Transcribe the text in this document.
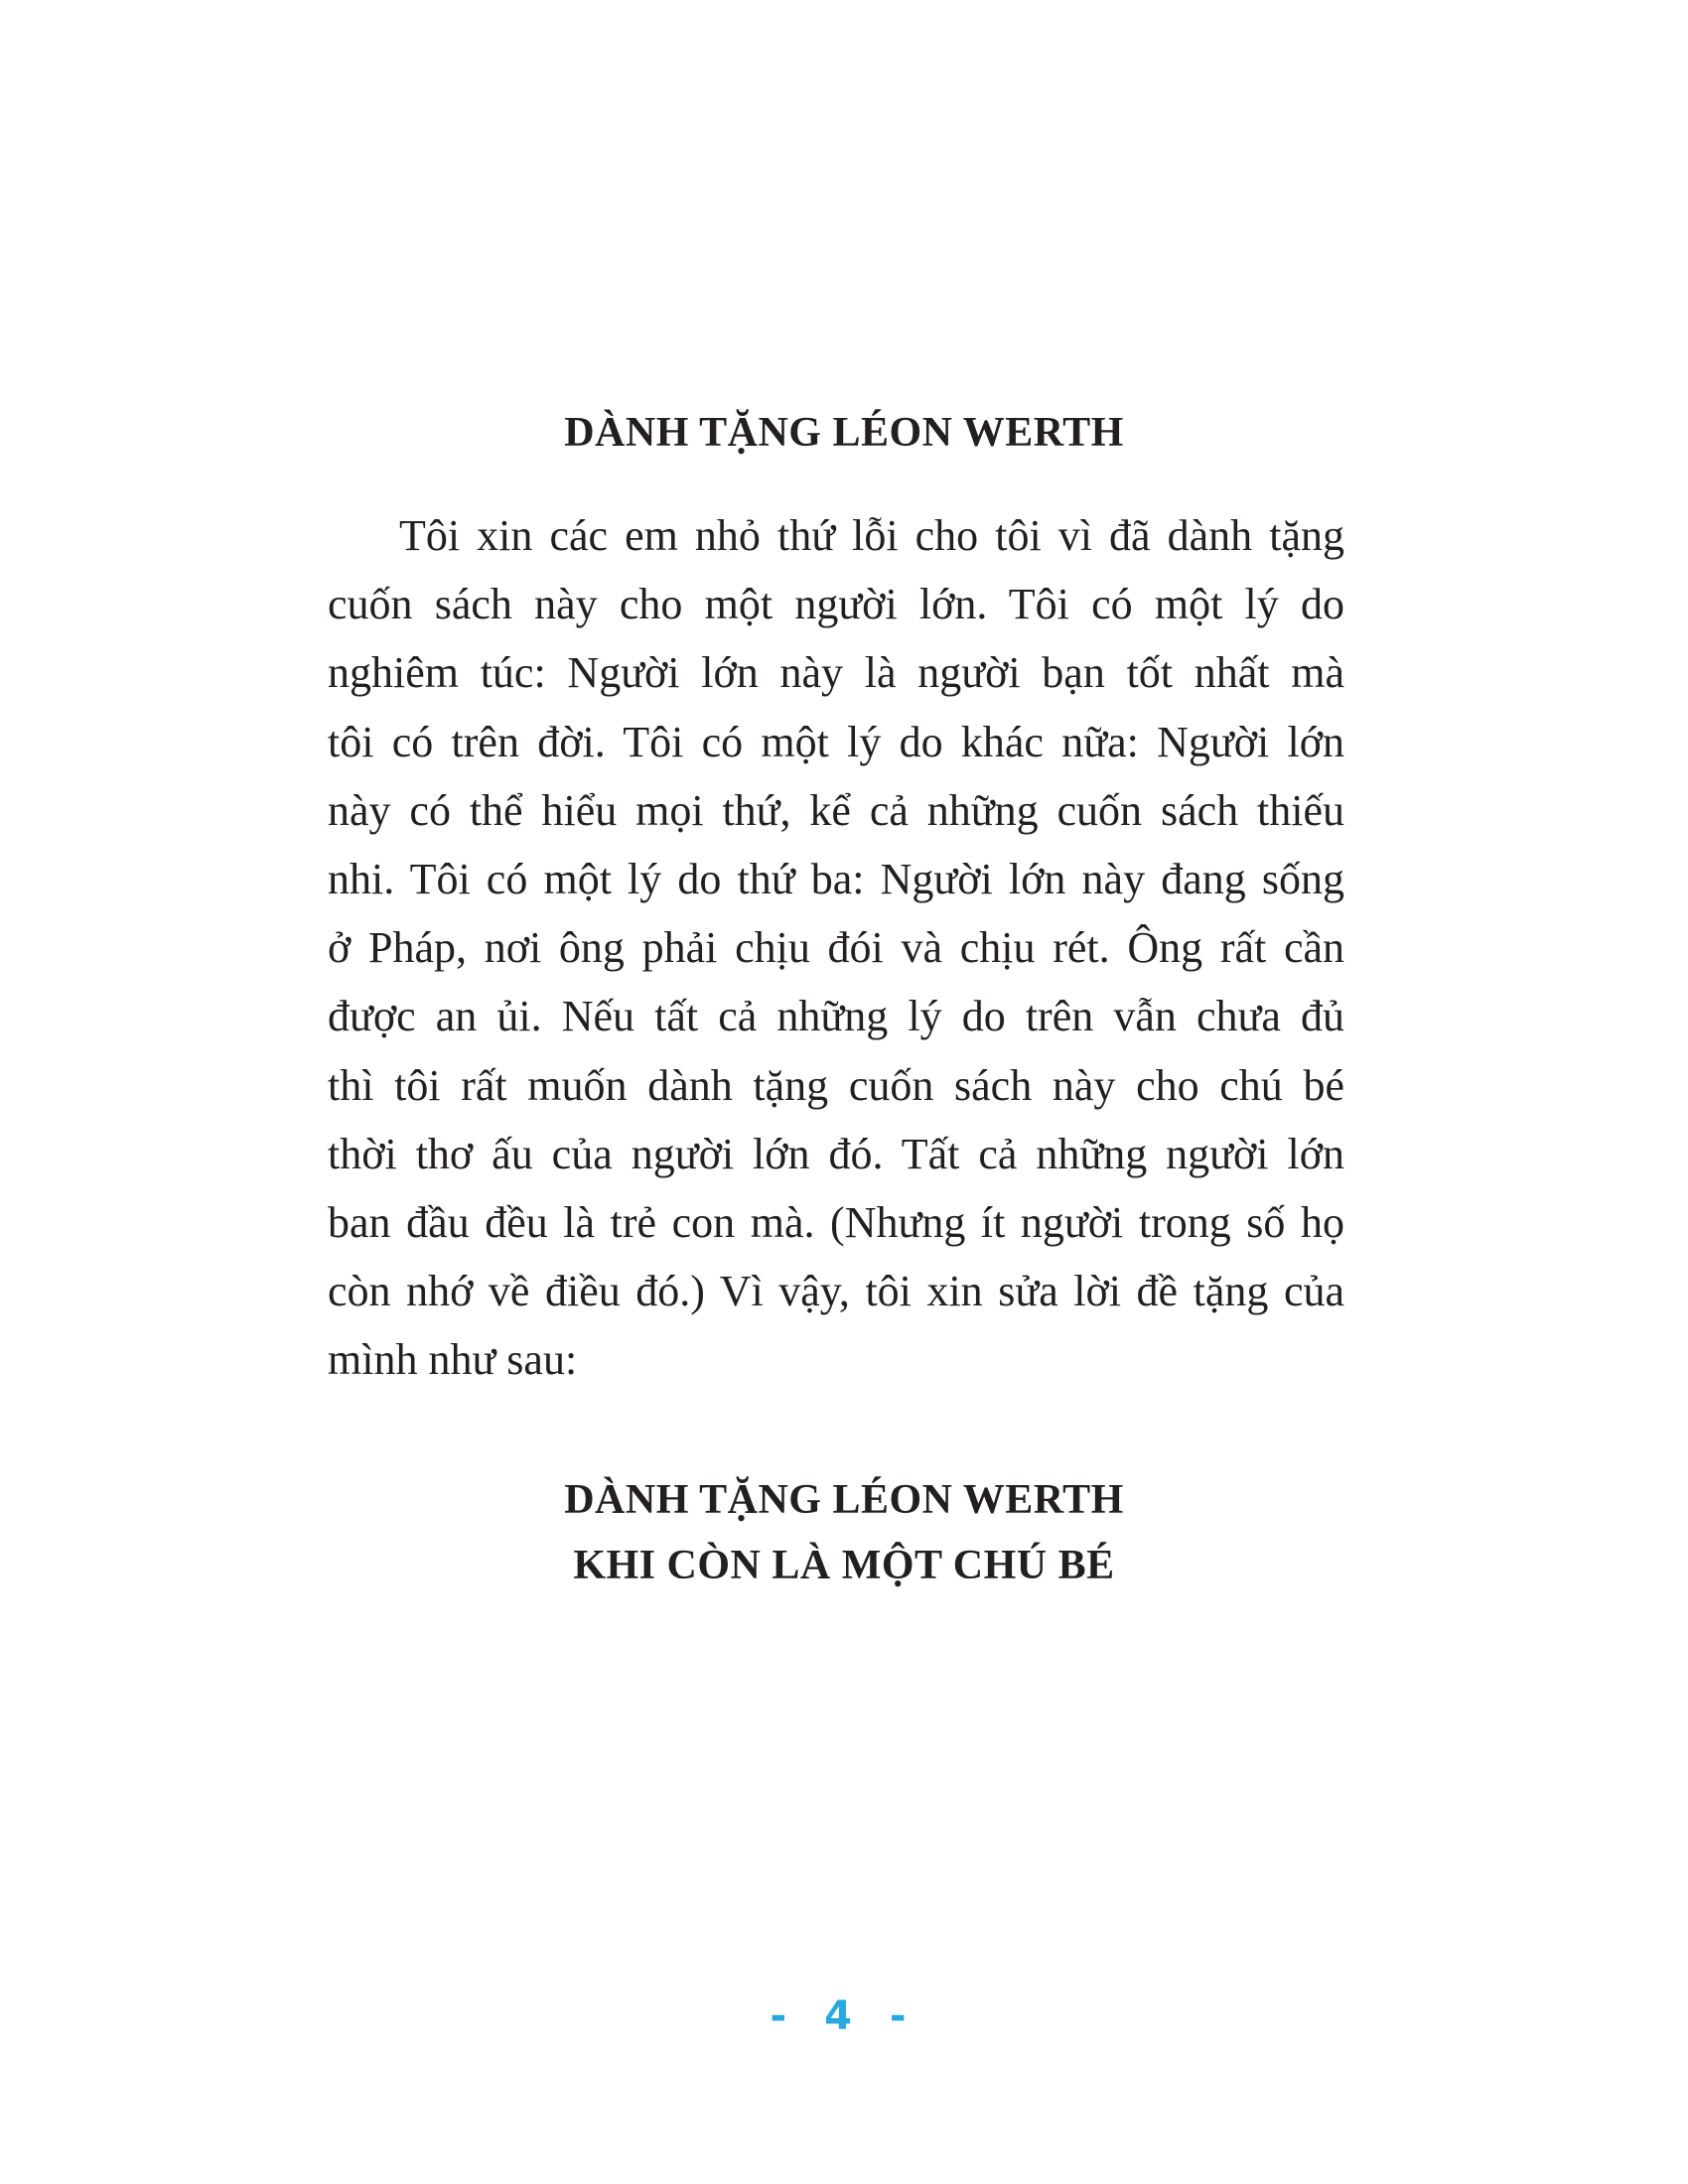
DÀNH TẶNG LÉON WERTH
Tôi xin các em nhỏ thứ lỗi cho tôi vì đã dành tặng
cuốn sách này cho một người lớn. Tôi có một lý do
nghiêm túc: Người lớn này là người bạn tốt nhất mà
tôi có trên đời. Tôi có một lý do khác nữa: Người lớn
này có thể hiểu mọi thứ, kể cả những cuốn sách thiếu
nhi. Tôi có một lý do thứ ba: Người lớn này đang sống
ở Pháp, nơi ông phải chịu đói và chịu rét. Ông rất cần
được an ủi. Nếu tất cả những lý do trên vẫn chưa đủ
thì tôi rất muốn dành tặng cuốn sách này cho chú bé
thời thơ ấu của người lớn đó. Tất cả những người lớn
ban đầu đều là trẻ con mà. (Nhưng ít người trong số họ
còn nhớ về điều đó.) Vì vậy, tôi xin sửa lời đề tặng của
mình như sau:
DÀNH TẶNG LÉON WERTH
KHI CÒN LÀ MỘT CHÚ BÉ
- 4 -
